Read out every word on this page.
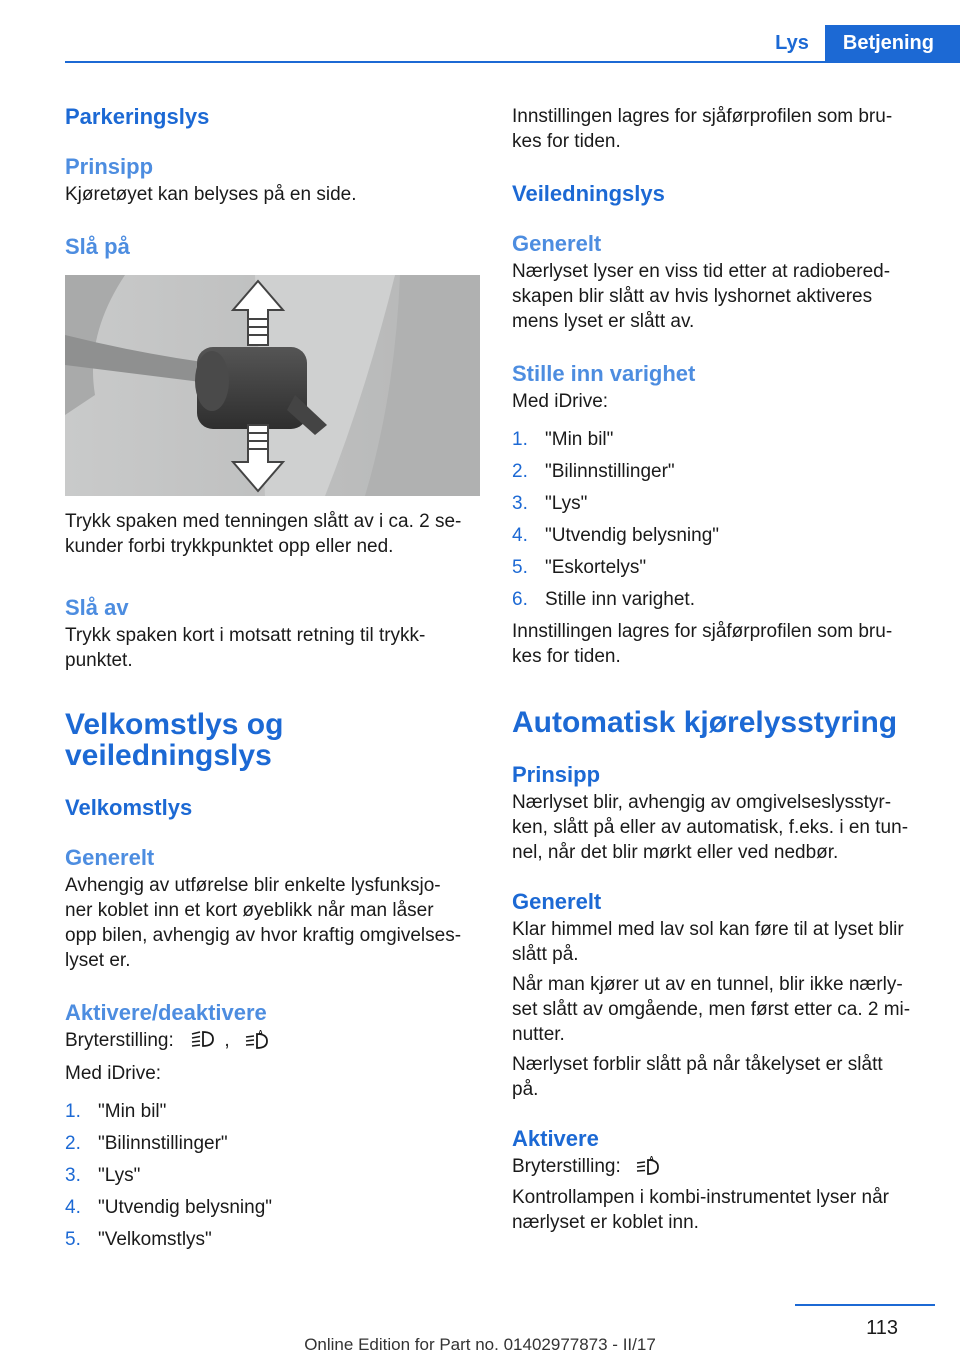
Lys	Betjening
Parkeringslys
Prinsipp

Kjøretøyet kan belyses på en side.

Slå på

Trykk spaken med tenningen slått av i ca. 2 se‐

kunder forbi trykkpunktet opp eller ned.

Slå av

Trykk spaken kort i motsatt retning til trykk‐

punktet.

Velkomstlys og
veiledningslys
Velkomstlys
Generelt

Avhengig av utførelse blir enkelte lysfunksjo‐

ner koblet inn et kort øyeblikk når man låser

opp bilen, avhengig av hvor kraftig omgivelses‐

lyset er.

Aktivere/deaktivere

Bryterstilling:	,	A

Med iDrive:

1. "Min bil"
2. "Bilinnstillinger"
3. "Lys"
4. "Utvendig belysning"
5. "Velkomstlys"

Innstillingen lagres for sjåførprofilen som bru‐

kes for tiden.

Veiledningslys
Generelt

Nærlyset lyser en viss tid etter at radiobered‐

skapen blir slått av hvis lyshornet aktiveres

mens lyset er slått av.

Stille inn varighet

Med iDrive:

1. "Min bil"
2. "Bilinnstillinger"
3. "Lys"
4. "Utvendig belysning"
5. "Eskortelys"
6. Stille inn varighet.

Innstillingen lagres for sjåførprofilen som bru‐

kes for tiden.

Automatisk kjørelysstyring
Prinsipp

Nærlyset blir, avhengig av omgivelseslysstyr‐

ken, slått på eller av automatisk, f.eks. i en tun‐

nel, når det blir mørkt eller ved nedbør.

Generelt

Klar himmel med lav sol kan føre til at lyset blir

slått på.

Når man kjører ut av en tunnel, blir ikke nærly‐

set slått av omgående, men først etter ca. 2 mi‐

nutter.

Nærlyset forblir slått på når tåkelyset er slått

på.

Aktivere

Bryterstilling:	A

Kontrollampen i kombi-instrumentet lyser når

nærlyset er koblet inn.

113
Online Edition for Part no. 01402977873 - II/17
